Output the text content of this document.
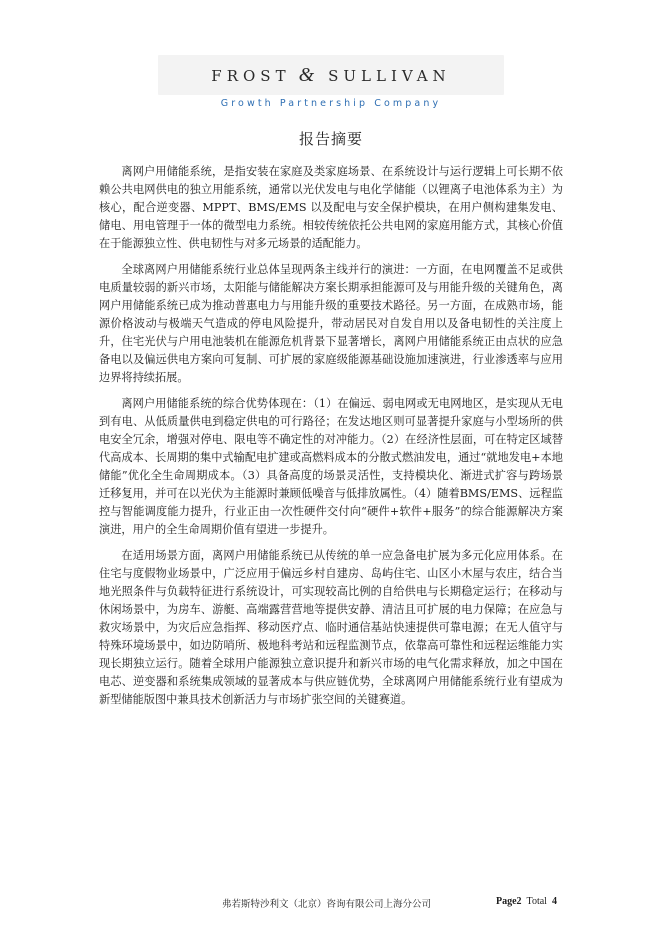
FROST & SULLIVAN
Growth Partnership Company
报告摘要

离网户用储能系统，是指安装在家庭及类家庭场景、在系统设计与运行逻辑上可长期不依赖公共电网供电的独立用能系统，通常以光伏发电与电化学储能（以锂离子电池体系为主）为核心，配合逆变器、MPPT、BMS/EMS 以及配电与安全保护模块，在用户侧构建集发电、储电、用电管理于一体的微型电力系统。相较传统依托公共电网的家庭用能方式，其核心价值在于能源独立性、供电韧性与对多元场景的适配能力。

全球离网户用储能系统行业总体呈现两条主线并行的演进：一方面，在电网覆盖不足或供电质量较弱的新兴市场，太阳能与储能解决方案长期承担能源可及与用能升级的关键角色，离网户用储能系统已成为推动普惠电力与用能升级的重要技术路径。另一方面，在成熟市场，能源价格波动与极端天气造成的停电风险提升，带动居民对自发自用以及备电韧性的关注度上升，住宅光伏与户用电池装机在能源危机背景下显著增长，离网户用储能系统正由点状的应急备电以及偏远供电方案向可复制、可扩展的家庭级能源基础设施加速演进，行业渗透率与应用边界将持续拓展。

离网户用储能系统的综合优势体现在：（1）在偏远、弱电网或无电网地区，是实现从无电到有电、从低质量供电到稳定供电的可行路径；在发达地区则可显著提升家庭与小型场所的供电安全冗余，增强对停电、限电等不确定性的对冲能力。（2）在经济性层面，可在特定区域替代高成本、长周期的集中式输配电扩建或高燃料成本的分散式燃油发电，通过“就地发电+本地储能”优化全生命周期成本。（3）具备高度的场景灵活性，支持模块化、渐进式扩容与跨场景迁移复用，并可在以光伏为主能源时兼顾低噪音与低排放属性。（4）随着BMS/EMS、远程监控与智能调度能力提升，行业正由一次性硬件交付向“硬件+软件+服务”的综合能源解决方案演进，用户的全生命周期价值有望进一步提升。

在适用场景方面，离网户用储能系统已从传统的单一应急备电扩展为多元化应用体系。在住宅与度假物业场景中，广泛应用于偏远乡村自建房、岛屿住宅、山区小木屋与农庄，结合当地光照条件与负载特征进行系统设计，可实现较高比例的自给供电与长期稳定运行；在移动与休闲场景中，为房车、游艇、高端露营营地等提供安静、清洁且可扩展的电力保障；在应急与救灾场景中，为灾后应急指挥、移动医疗点、临时通信基站快速提供可靠电源；在无人值守与特殊环境场景中，如边防哨所、极地科考站和远程监测节点，依靠高可靠性和远程运维能力实现长期独立运行。随着全球用户能源独立意识提升和新兴市场的电气化需求释放，加之中国在电芯、逆变器和系统集成领域的显著成本与供应链优势，全球离网户用储能系统行业有望成为新型储能版图中兼具技术创新活力与市场扩张空间的关键赛道。

弗若斯特沙利文（北京）咨询有限公司上海分公司	Page2 Total 4
